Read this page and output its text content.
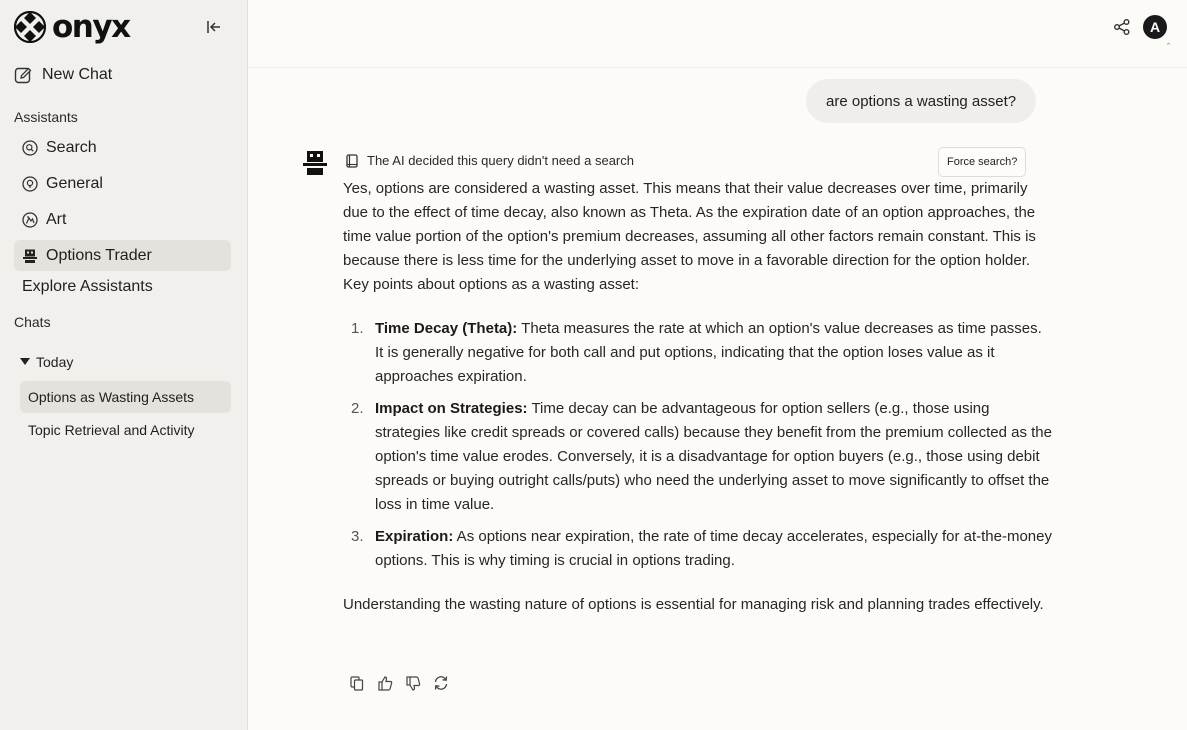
onyx
New Chat
Assistants
Search
General
Art
Options Trader
Explore Assistants
Chats
Today
Options as Wasting Assets
Topic Retrieval and Activity
A
ˆ
are options a wasting asset?
The AI decided this query didn't need a search	Force search?

Yes, options are considered a wasting asset. This means that their value decreases over time, primarily due to the effect of time decay, also known as Theta. As the expiration date of an option approaches, the time value portion of the option's premium decreases, assuming all other factors remain constant. This is because there is less time for the underlying asset to move in a favorable direction for the option holder.

Key points about options as a wasting asset:

1. Time Decay (Theta): Theta measures the rate at which an option's value decreases as time passes. It is generally negative for both call and put options, indicating that the option loses value as it approaches expiration.
2. Impact on Strategies: Time decay can be advantageous for option sellers (e.g., those using strategies like credit spreads or covered calls) because they benefit from the premium collected as the option's time value erodes. Conversely, it is a disadvantage for option buyers (e.g., those using debit spreads or buying outright calls/puts) who need the underlying asset to move significantly to offset the loss in time value.
3. Expiration: As options near expiration, the rate of time decay accelerates, especially for at-the-money options. This is why timing is crucial in options trading.

Understanding the wasting nature of options is essential for managing risk and planning trades effectively.
